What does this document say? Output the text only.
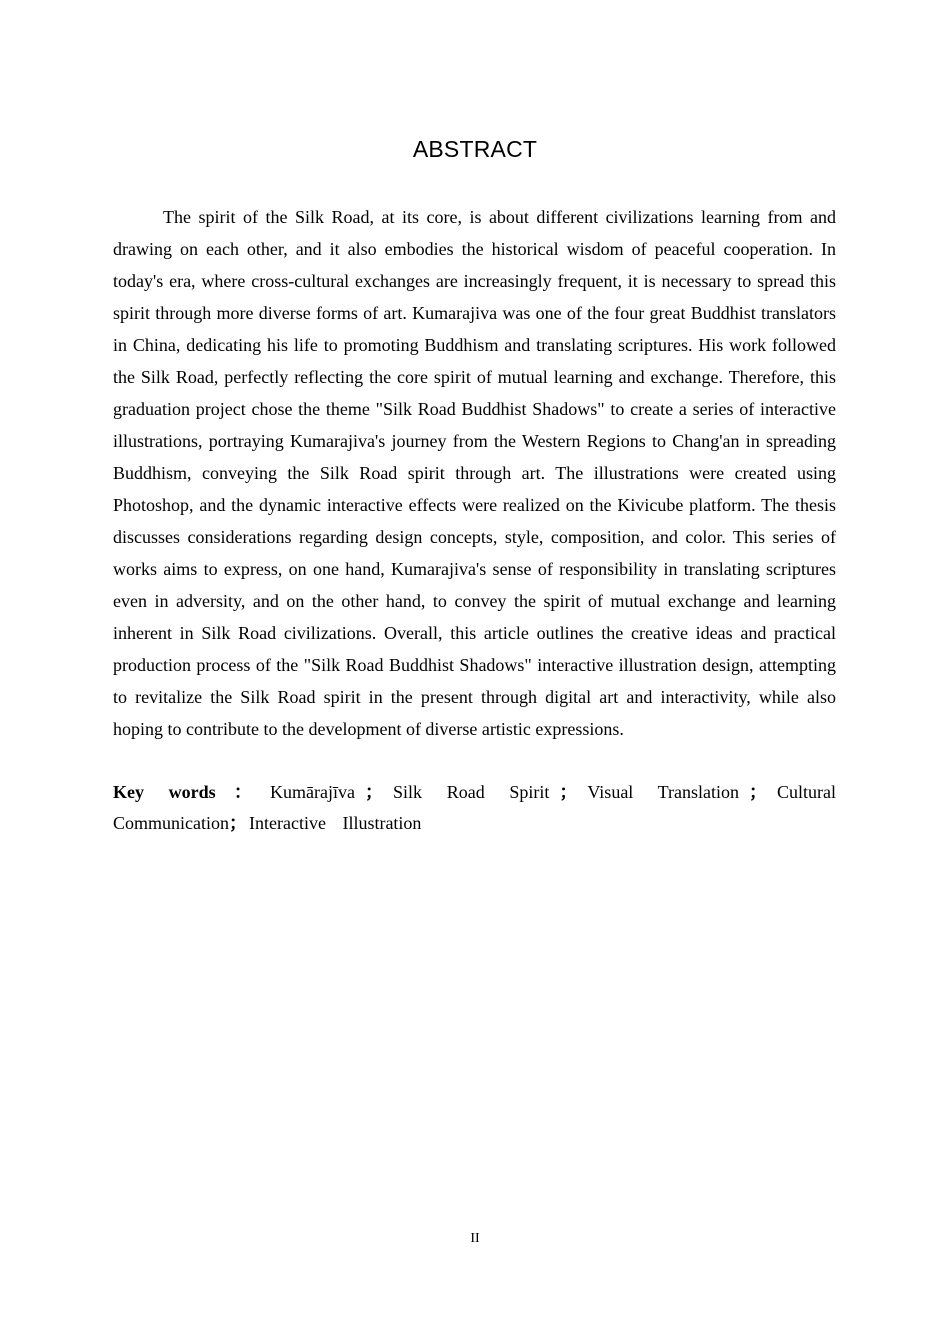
ABSTRACT

The spirit of the Silk Road, at its core, is about different civilizations learning from and drawing on each other, and it also embodies the historical wisdom of peaceful cooperation. In today's era, where cross-cultural exchanges are increasingly frequent, it is necessary to spread this spirit through more diverse forms of art. Kumarajiva was one of the four great Buddhist translators in China, dedicating his life to promoting Buddhism and translating scriptures. His work followed the Silk Road, perfectly reflecting the core spirit of mutual learning and exchange. Therefore, this graduation project chose the theme "Silk Road Buddhist Shadows" to create a series of interactive illustrations, portraying Kumarajiva's journey from the Western Regions to Chang'an in spreading Buddhism, conveying the Silk Road spirit through art. The illustrations were created using Photoshop, and the dynamic interactive effects were realized on the Kivicube platform. The thesis discusses considerations regarding design concepts, style, composition, and color. This series of works aims to express, on one hand, Kumarajiva's sense of responsibility in translating scriptures even in adversity, and on the other hand, to convey the spirit of mutual exchange and learning inherent in Silk Road civilizations. Overall, this article outlines the creative ideas and practical production process of the "Silk Road Buddhist Shadows" interactive illustration design, attempting to revitalize the Silk Road spirit in the present through digital art and interactivity, while also hoping to contribute to the development of diverse artistic expressions.

Key words ： Kumārajīva ； Silk Road Spirit ； Visual Translation ； Cultural Communication； Interactive Illustration

II
